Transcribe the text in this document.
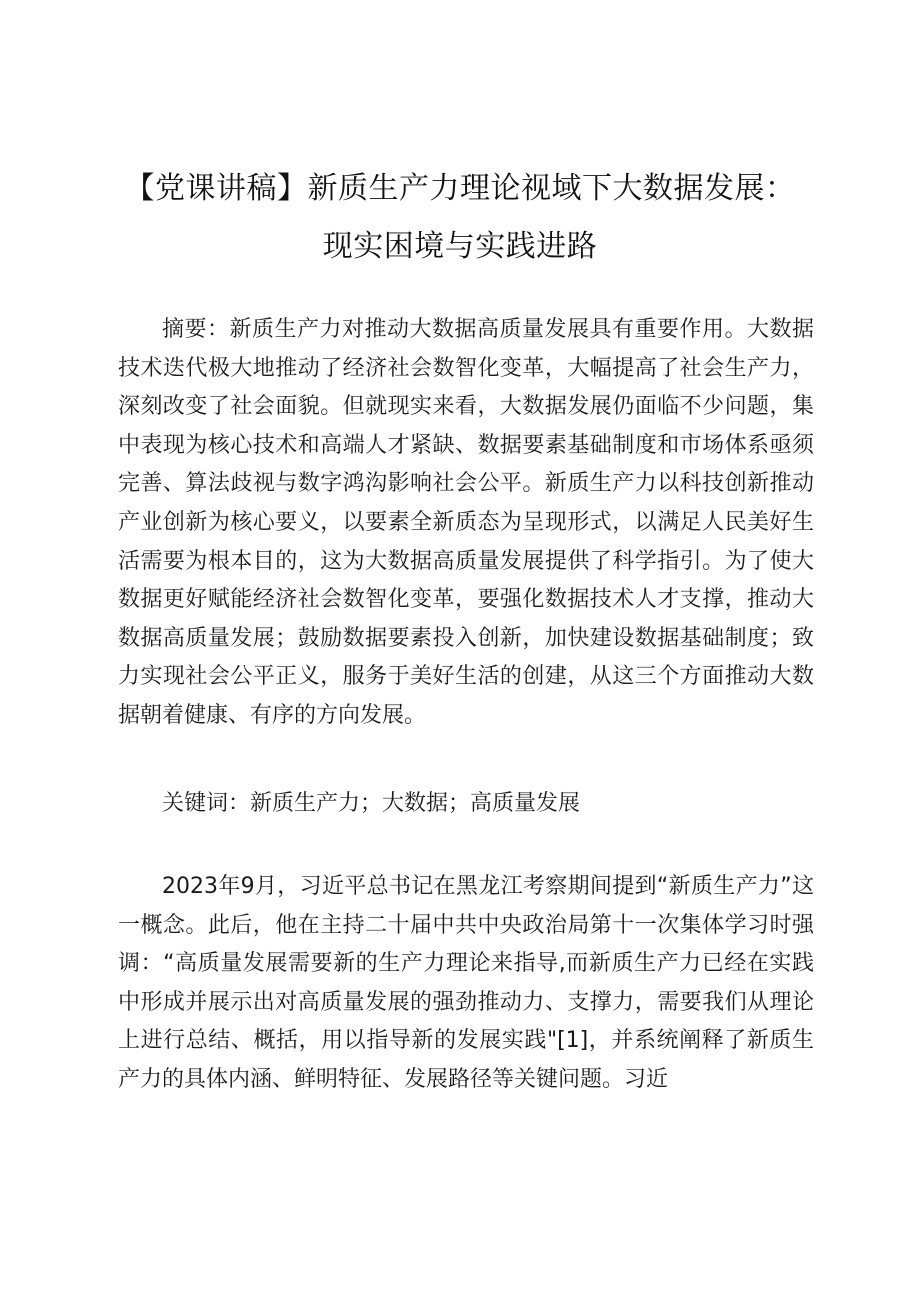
【党课讲稿】新质生产力理论视域下大数据发展：现实困境与实践进路

摘要：新质生产力对推动大数据高质量发展具有重要作用。大数据技术迭代极大地推动了经济社会数智化变革，大幅提高了社会生产力，深刻改变了社会面貌。但就现实来看，大数据发展仍面临不少问题，集中表现为核心技术和高端人才紧缺、数据要素基础制度和市场体系亟须完善、算法歧视与数字鸿沟影响社会公平。新质生产力以科技创新推动产业创新为核心要义，以要素全新质态为呈现形式，以满足人民美好生活需要为根本目的，这为大数据高质量发展提供了科学指引。为了使大数据更好赋能经济社会数智化变革，要强化数据技术人才支撑，推动大数据高质量发展；鼓励数据要素投入创新，加快建设数据基础制度；致力实现社会公平正义，服务于美好生活的创建，从这三个方面推动大数据朝着健康、有序的方向发展。

关键词：新质生产力；大数据；高质量发展

2023年9月，习近平总书记在黑龙江考察期间提到“新质生产力”这一概念。此后，他在主持二十届中共中央政治局第十一次集体学习时强调：“高质量发展需要新的生产力理论来指导,而新质生产力已经在实践中形成并展示出对高质量发展的强劲推动力、支撑力，需要我们从理论上进行总结、概括，用以指导新的发展实践"[1]，并系统阐释了新质生产力的具体内涵、鲜明特征、发展路径等关键问题。习近
